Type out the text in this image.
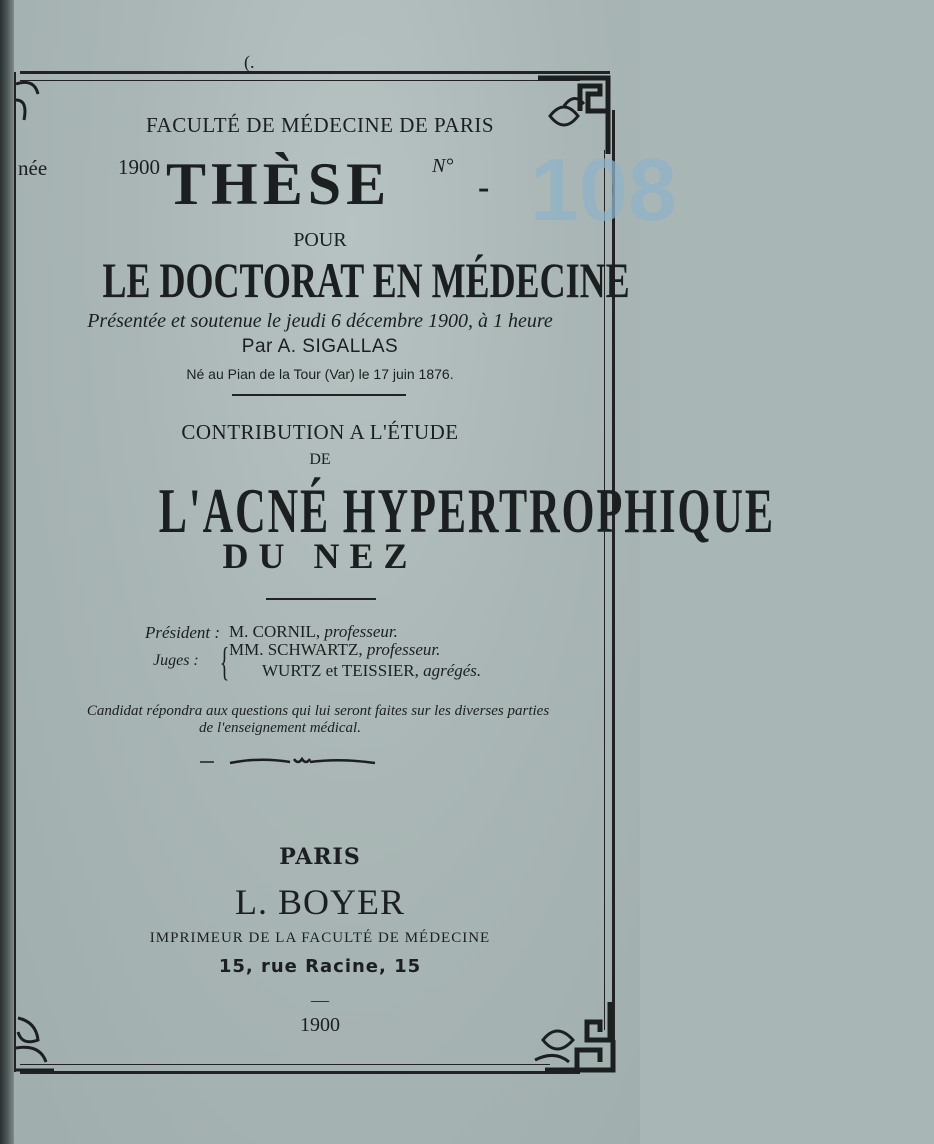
(.
FACULTÉ DE MÉDECINE DE PARIS
née	1900 THÈSE N°
- 108
POUR
LE DOCTORAT EN MÉDECINE
Présentée et soutenue le jeudi 6 décembre 1900, à 1 heure
Par A. SIGALLAS
Né au Pian de la Tour (Var) le 17 juin 1876.
CONTRIBUTION A L'ÉTUDE
DE
L'ACNÉ HYPERTROPHIQUE
DU NEZ
Président : M. CORNIL, professeur.
Juges : { MM. SCHWARTZ, professeur.
WURTZ et TEISSIER, agrégés.
Candidat répondra aux questions qui lui seront faites sur les diverses parties
de l'enseignement médical.
PARIS
L. BOYER
IMPRIMEUR DE LA FACULTÉ DE MÉDECINE
15, rue Racine, 15
—
1900
